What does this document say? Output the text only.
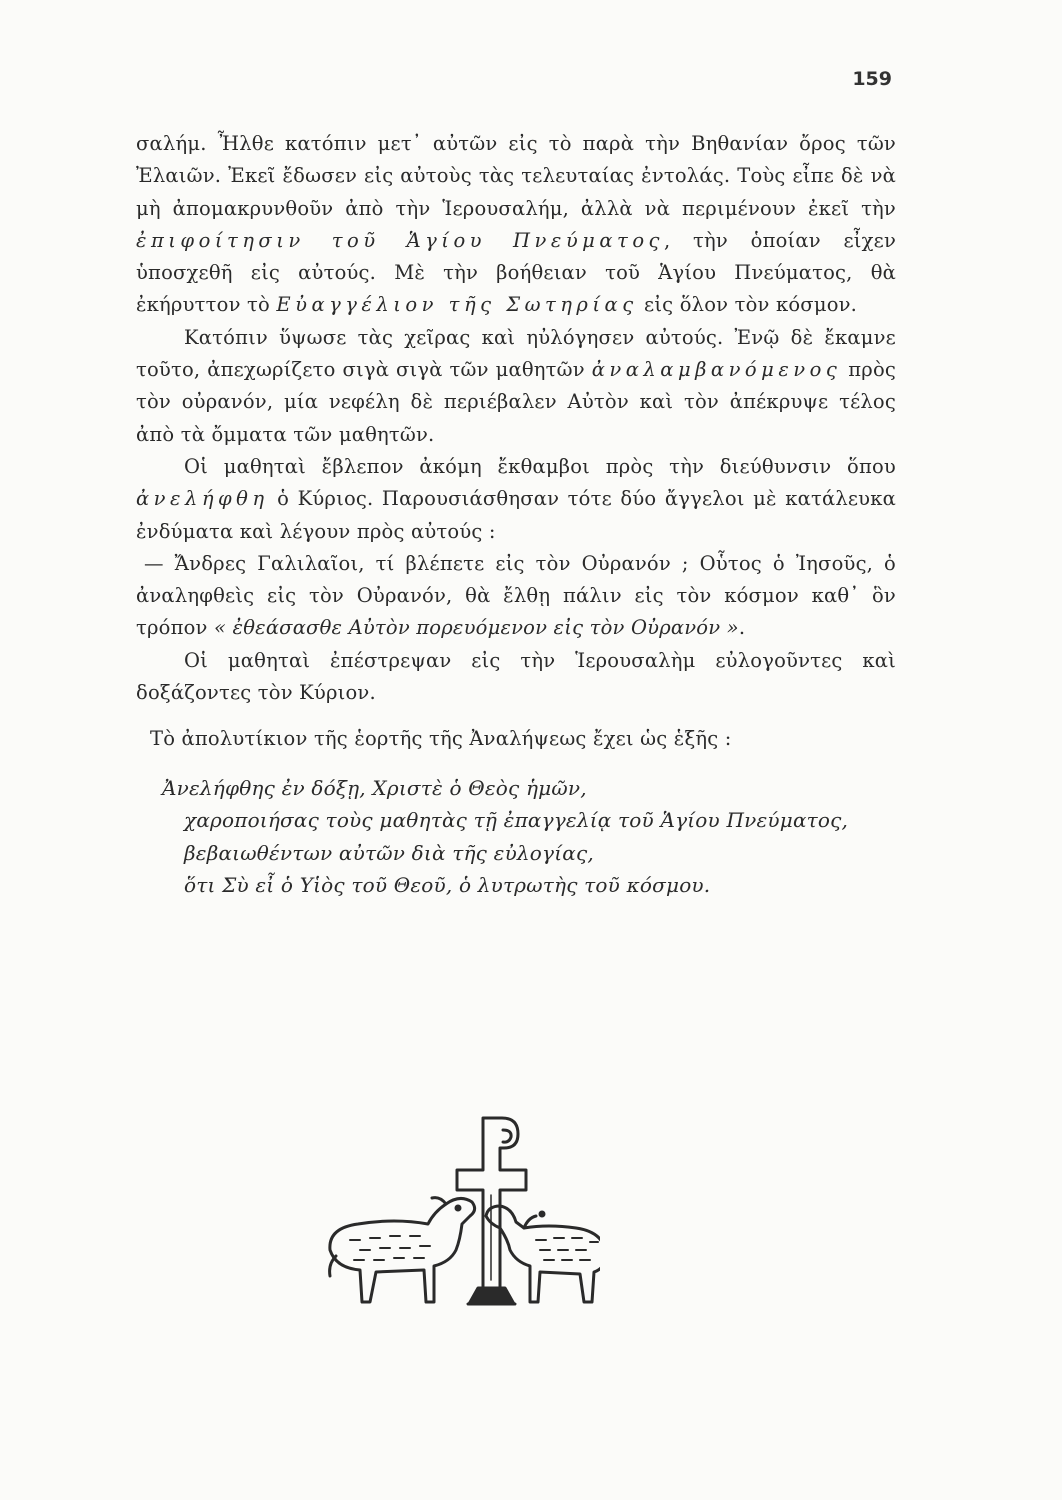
159

σαλήμ. Ἦλθε κατόπιν μετ᾽ αὐτῶν εἰς τὸ παρὰ τὴν Βηθανίαν ὄρος τῶν Ἐλαιῶν. Ἐκεῖ ἔδωσεν εἰς αὐτοὺς τὰς τελευταίας ἐντολάς. Τοὺς εἶπε δὲ νὰ μὴ ἀπομακρυνθοῦν ἀπὸ τὴν Ἱερουσαλήμ, ἀλλὰ νὰ περιμένουν ἐκεῖ τὴν ἐπιφοίτησιν τοῦ Ἁγίου Πνεύματος, τὴν ὁποίαν εἶχεν ὑποσχεθῆ εἰς αὐτούς. Μὲ τὴν βοήθειαν τοῦ Ἁγίου Πνεύματος, θὰ ἐκήρυττον τὸ Εὐαγγέλιον τῆς Σωτηρίας εἰς ὅλον τὸν κόσμον.

Κατόπιν ὕψωσε τὰς χεῖρας καὶ ηὐλόγησεν αὐτούς. Ἐνῷ δὲ ἔκαμνε τοῦτο, ἀπεχωρίζετο σιγὰ σιγὰ τῶν μαθητῶν ἀναλαμβανόμενος πρὸς τὸν οὐρανόν, μία νεφέλη δὲ περιέβαλεν Αὐτὸν καὶ τὸν ἀπέκρυψε τέλος ἀπὸ τὰ ὄμματα τῶν μαθητῶν.

Οἱ μαθηταὶ ἔβλεπον ἀκόμη ἔκθαμβοι πρὸς τὴν διεύθυνσιν ὅπου ἀνελήφθη ὁ Κύριος. Παρουσιάσθησαν τότε δύο ἄγγελοι μὲ κατάλευκα ἐνδύματα καὶ λέγουν πρὸς αὐτούς :

— Ἄνδρες Γαλιλαῖοι, τί βλέπετε εἰς τὸν Οὐρανόν ; Οὗτος ὁ Ἰησοῦς, ὁ ἀναληφθεὶς εἰς τὸν Οὐρανόν, θὰ ἔλθῃ πάλιν εἰς τὸν κόσμον καθ᾽ ὃν τρόπον « ἐθεάσασθε Αὐτὸν πορευόμενον εἰς τὸν Οὐρανόν ».

Οἱ μαθηταὶ ἐπέστρεψαν εἰς τὴν Ἱερουσαλὴμ εὐλογοῦντες καὶ δοξάζοντες τὸν Κύριον.

Τὸ ἀπολυτίκιον τῆς ἑορτῆς τῆς Ἀναλήψεως ἔχει ὡς ἑξῆς :

Ἀνελήφθης ἐν δόξῃ, Χριστὲ ὁ Θεὸς ἡμῶν,
χαροποιήσας τοὺς μαθητὰς τῇ ἐπαγγελίᾳ τοῦ Ἁγίου Πνεύματος,
βεβαιωθέντων αὐτῶν διὰ τῆς εὐλογίας,
ὅτι Σὺ εἶ ὁ Υἱὸς τοῦ Θεοῦ, ὁ λυτρωτὴς τοῦ κόσμου.
